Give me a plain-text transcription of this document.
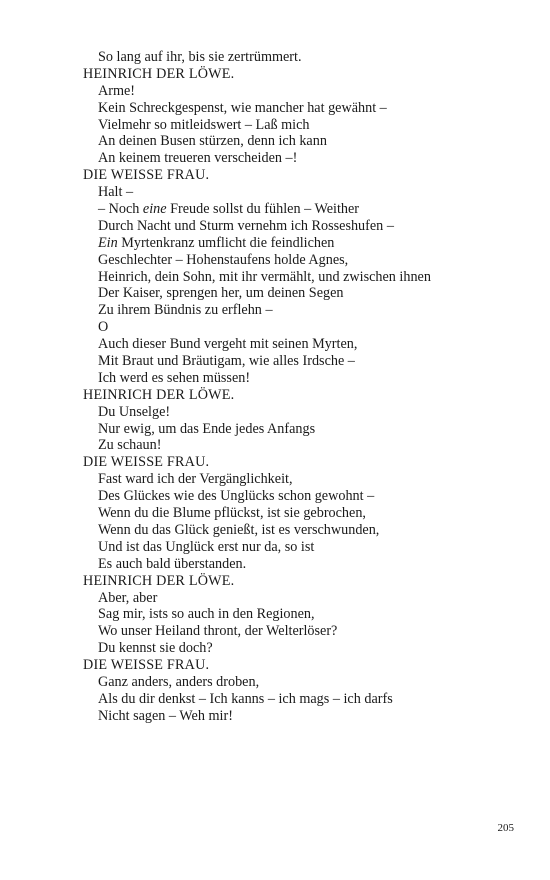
So lang auf ihr, bis sie zertrümmert.
HEINRICH DER LÖWE.
Arme!
Kein Schreckgespenst, wie mancher hat gewähnt –
Vielmehr so mitleidswert – Laß mich
An deinen Busen stürzen, denn ich kann
An keinem treueren verscheiden –!
DIE WEISSE FRAU.
Halt –
– Noch eine Freude sollst du fühlen – Weither
Durch Nacht und Sturm vernehm ich Rosseshufen –
Ein Myrtenkranz umflicht die feindlichen
Geschlechter – Hohenstaufens holde Agnes,
Heinrich, dein Sohn, mit ihr vermählt, und zwischen ihnen
Der Kaiser, sprengen her, um deinen Segen
Zu ihrem Bündnis zu erflehn –
O
Auch dieser Bund vergeht mit seinen Myrten,
Mit Braut und Bräutigam, wie alles Irdsche –
Ich werd es sehen müssen!
HEINRICH DER LÖWE.
Du Unselge!
Nur ewig, um das Ende jedes Anfangs
Zu schaun!
DIE WEISSE FRAU.
Fast ward ich der Vergänglichkeit,
Des Glückes wie des Unglücks schon gewohnt –
Wenn du die Blume pflückst, ist sie gebrochen,
Wenn du das Glück genießt, ist es verschwunden,
Und ist das Unglück erst nur da, so ist
Es auch bald überstanden.
HEINRICH DER LÖWE.
Aber, aber
Sag mir, ists so auch in den Regionen,
Wo unser Heiland thront, der Welterlöser?
Du kennst sie doch?
DIE WEISSE FRAU.
Ganz anders, anders droben,
Als du dir denkst – Ich kanns – ich mags – ich darfs
Nicht sagen – Weh mir!
205
